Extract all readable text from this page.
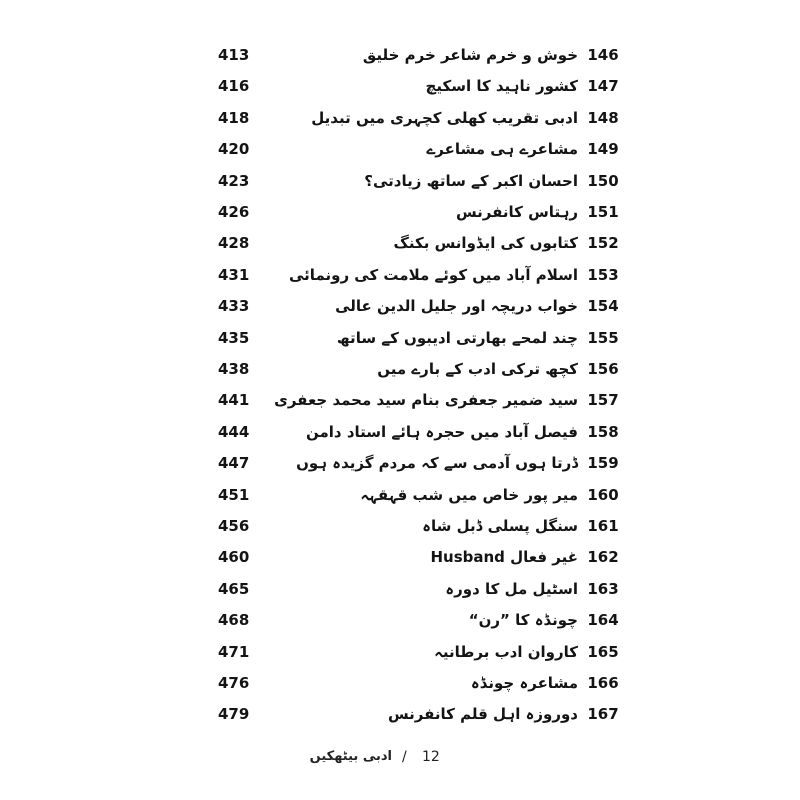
413	خوش و خرم شاعر خرم خلیق 146
416	کشور ناہید کا اسکیچ 147
418	ادبی تقریب کھلی کچہری میں تبدیل 148
420	مشاعرے ہی مشاعرے 149
423	احسان اکبر کے ساتھ زیادتی؟ 150
426	رہتاس کانفرنس 151
428	کتابوں کی ایڈوانس بکنگ 152
431	اسلام آباد میں کوئے ملامت کی رونمائی 153
433	خواب دریچہ اور جلیل الدین عالی 154
435	چند لمحے بھارتی ادیبوں کے ساتھ 155
438	کچھ ترکی ادب کے بارے میں 156
441	سید ضمیر جعفری بنام سید محمد جعفری 157
444	فیصل آباد میں حجرہ ہائے استاد دامن 158
447	ڈرتا ہوں آدمی سے کہ مردم گزیدہ ہوں 159
451	میر پور خاص میں شب قہقہہ 160
456	سنگل پسلی ڈبل شاہ 161
460	غیر فعال Husband 162
465	اسٹیل مل کا دورہ 163
468	چونڈہ کا ”رن“ 164
471	کاروان ادب برطانیہ 165
476	مشاعرہ چونڈہ 166
479	دوروزہ اہل قلم کانفرنس 167
12
/
ادبی بیٹھکیں
